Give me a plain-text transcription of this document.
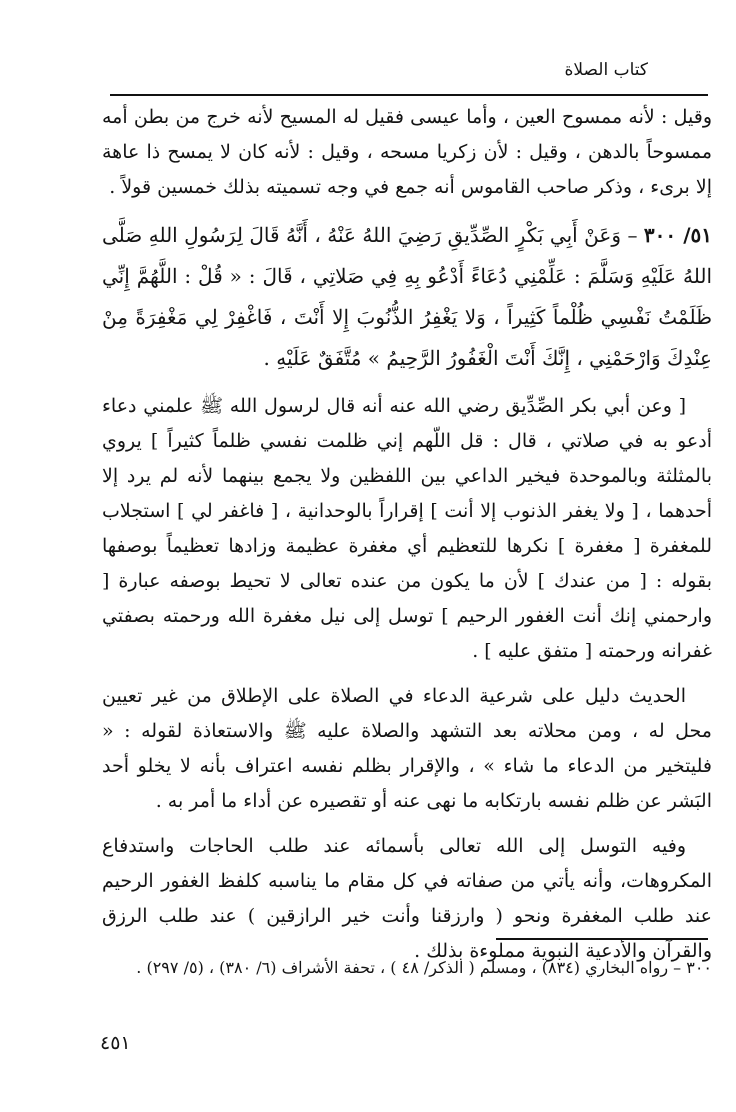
كتاب الصلاة

وقيل : لأنه ممسوح العين ، وأما عيسى فقيل له المسيح لأنه خرج من بطن أمه ممسوحاً بالدهن ، وقيل : لأن زكريا مسحه ، وقيل : لأنه كان لا يمسح ذا عاهة إلا برىء ، وذكر صاحب القاموس أنه جمع في وجه تسميته بذلك خمسين قولاً .

٥١/ ٣٠٠ – وَعَنْ أَبِي بَكْرٍ الصِّدِّيقِ رَضِيَ اللهُ عَنْهُ ، أَنَّهُ قَالَ لِرَسُولِ اللهِ صَلَّى اللهُ عَلَيْهِ وَسَلَّمَ : عَلِّمْنِي دُعَاءً أَدْعُو بِهِ فِي صَلاتِي ، قَالَ : « قُلْ : اللَّهُمَّ إِنِّي ظَلَمْتُ نَفْسِي ظُلْماً كَثِيراً ، وَلا يَغْفِرُ الذُّنُوبَ إِلا أَنْتَ ، فَاغْفِرْ لِي مَغْفِرَةً مِنْ عِنْدِكَ وَارْحَمْنِي ، إِنَّكَ أَنْتَ الْغَفُورُ الرَّحِيمُ » مُتَّفَقٌ عَلَيْهِ .

[ وعن أبي بكر الصِّدِّيق رضي الله عنه أنه قال لرسول الله ﷺ علمني دعاء أدعو به في صلاتي ، قال : قل اللّهم إني ظلمت نفسي ظلماً كثيراً ] يروي بالمثلثة وبالموحدة فيخير الداعي بين اللفظين ولا يجمع بينهما لأنه لم يرد إلا أحدهما ، [ ولا يغفر الذنوب إلا أنت ] إقراراً بالوحدانية ، [ فاغفر لي ] استجلاب للمغفرة [ مغفرة ] نكرها للتعظيم أي مغفرة عظيمة وزادها تعظيماً بوصفها بقوله : [ من عندك ] لأن ما يكون من عنده تعالى لا تحيط بوصفه عبارة [ وارحمني إنك أنت الغفور الرحيم ] توسل إلى نيل مغفرة الله ورحمته بصفتي غفرانه ورحمته [ متفق عليه ] .

الحديث دليل على شرعية الدعاء في الصلاة على الإطلاق من غير تعيين محل له ، ومن محلاته بعد التشهد والصلاة عليه ﷺ والاستعاذة لقوله : « فليتخير من الدعاء ما شاء » ، والإقرار بظلم نفسه اعتراف بأنه لا يخلو أحد البَشر عن ظلم نفسه بارتكابه ما نهى عنه أو تقصيره عن أداء ما أمر به .

وفيه التوسل إلى الله تعالى بأسمائه عند طلب الحاجات واستدفاع المكروهات، وأنه يأتي من صفاته في كل مقام ما يناسبه كلفظ الغفور الرحيم عند طلب المغفرة ونحو ( وارزقنا وأنت خير الرازقين ) عند طلب الرزق والقرآن والأدعية النبوية مملوءة بذلك .

٣٠٠ – رواه البخاري (٨٣٤) ، ومسلم ( الذكر/ ٤٨ ) ، تحفة الأشراف (٦/ ٣٨٠) ، (٥/ ٢٩٧) .
٤٥١
